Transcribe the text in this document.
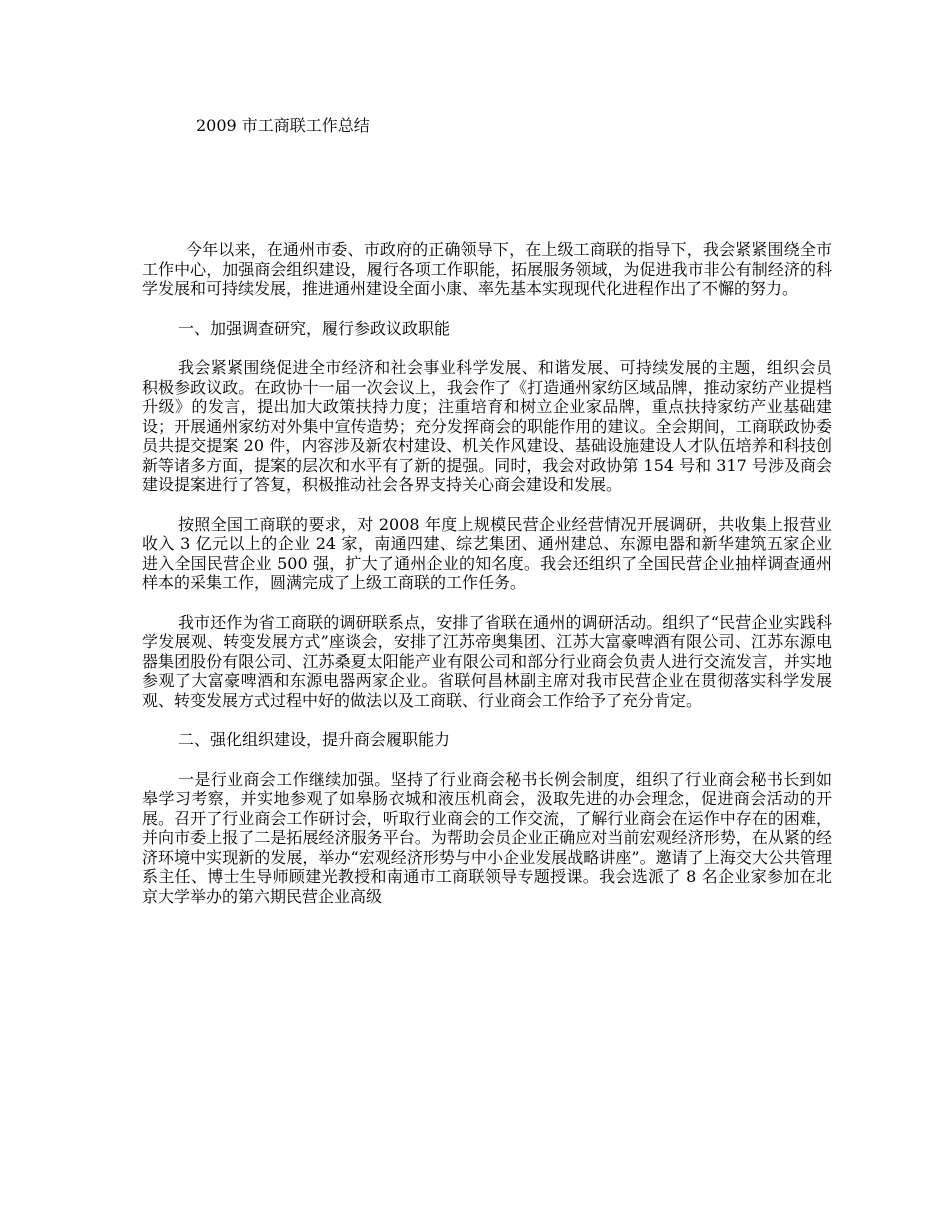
2009 市工商联工作总结

今年以来，在通州市委、市政府的正确领导下，在上级工商联的指导下，我会紧紧围绕全市工作中心，加强商会组织建设，履行各项工作职能，拓展服务领域，为促进我市非公有制经济的科学发展和可持续发展，推进通州建设全面小康、率先基本实现现代化进程作出了不懈的努力。

一、加强调查研究，履行参政议政职能

我会紧紧围绕促进全市经济和社会事业科学发展、和谐发展、可持续发展的主题，组织会员积极参政议政。在政协十一届一次会议上，我会作了《打造通州家纺区域品牌，推动家纺产业提档升级》的发言，提出加大政策扶持力度；注重培育和树立企业家品牌，重点扶持家纺产业基础建设；开展通州家纺对外集中宣传造势；充分发挥商会的职能作用的建议。全会期间，工商联政协委员共提交提案 20 件，内容涉及新农村建设、机关作风建设、基础设施建设人才队伍培养和科技创新等诸多方面，提案的层次和水平有了新的提强。同时，我会对政协第 154 号和 317 号涉及商会建设提案进行了答复，积极推动社会各界支持关心商会建设和发展。

按照全国工商联的要求，对 2008 年度上规模民营企业经营情况开展调研，共收集上报营业收入 3 亿元以上的企业 24 家，南通四建、综艺集团、通州建总、东源电器和新华建筑五家企业进入全国民营企业 500 强，扩大了通州企业的知名度。我会还组织了全国民营企业抽样调查通州样本的采集工作，圆满完成了上级工商联的工作任务。

我市还作为省工商联的调研联系点，安排了省联在通州的调研活动。组织了“民营企业实践科学发展观、转变发展方式”座谈会，安排了江苏帝奥集团、江苏大富豪啤酒有限公司、江苏东源电器集团股份有限公司、江苏桑夏太阳能产业有限公司和部分行业商会负责人进行交流发言，并实地参观了大富豪啤酒和东源电器两家企业。省联何昌林副主席对我市民营企业在贯彻落实科学发展观、转变发展方式过程中好的做法以及工商联、行业商会工作给予了充分肯定。

二、强化组织建设，提升商会履职能力

一是行业商会工作继续加强。坚持了行业商会秘书长例会制度，组织了行业商会秘书长到如皋学习考察，并实地参观了如皋肠衣城和液压机商会，汲取先进的办会理念，促进商会活动的开展。召开了行业商会工作研讨会，听取行业商会的工作交流，了解行业商会在运作中存在的困难，并向市委上报了二是拓展经济服务平台。为帮助会员企业正确应对当前宏观经济形势，在从紧的经济环境中实现新的发展，举办“宏观经济形势与中小企业发展战略讲座”。邀请了上海交大公共管理系主任、博士生导师顾建光教授和南通市工商联领导专题授课。我会选派了 8 名企业家参加在北京大学举办的第六期民营企业高级
